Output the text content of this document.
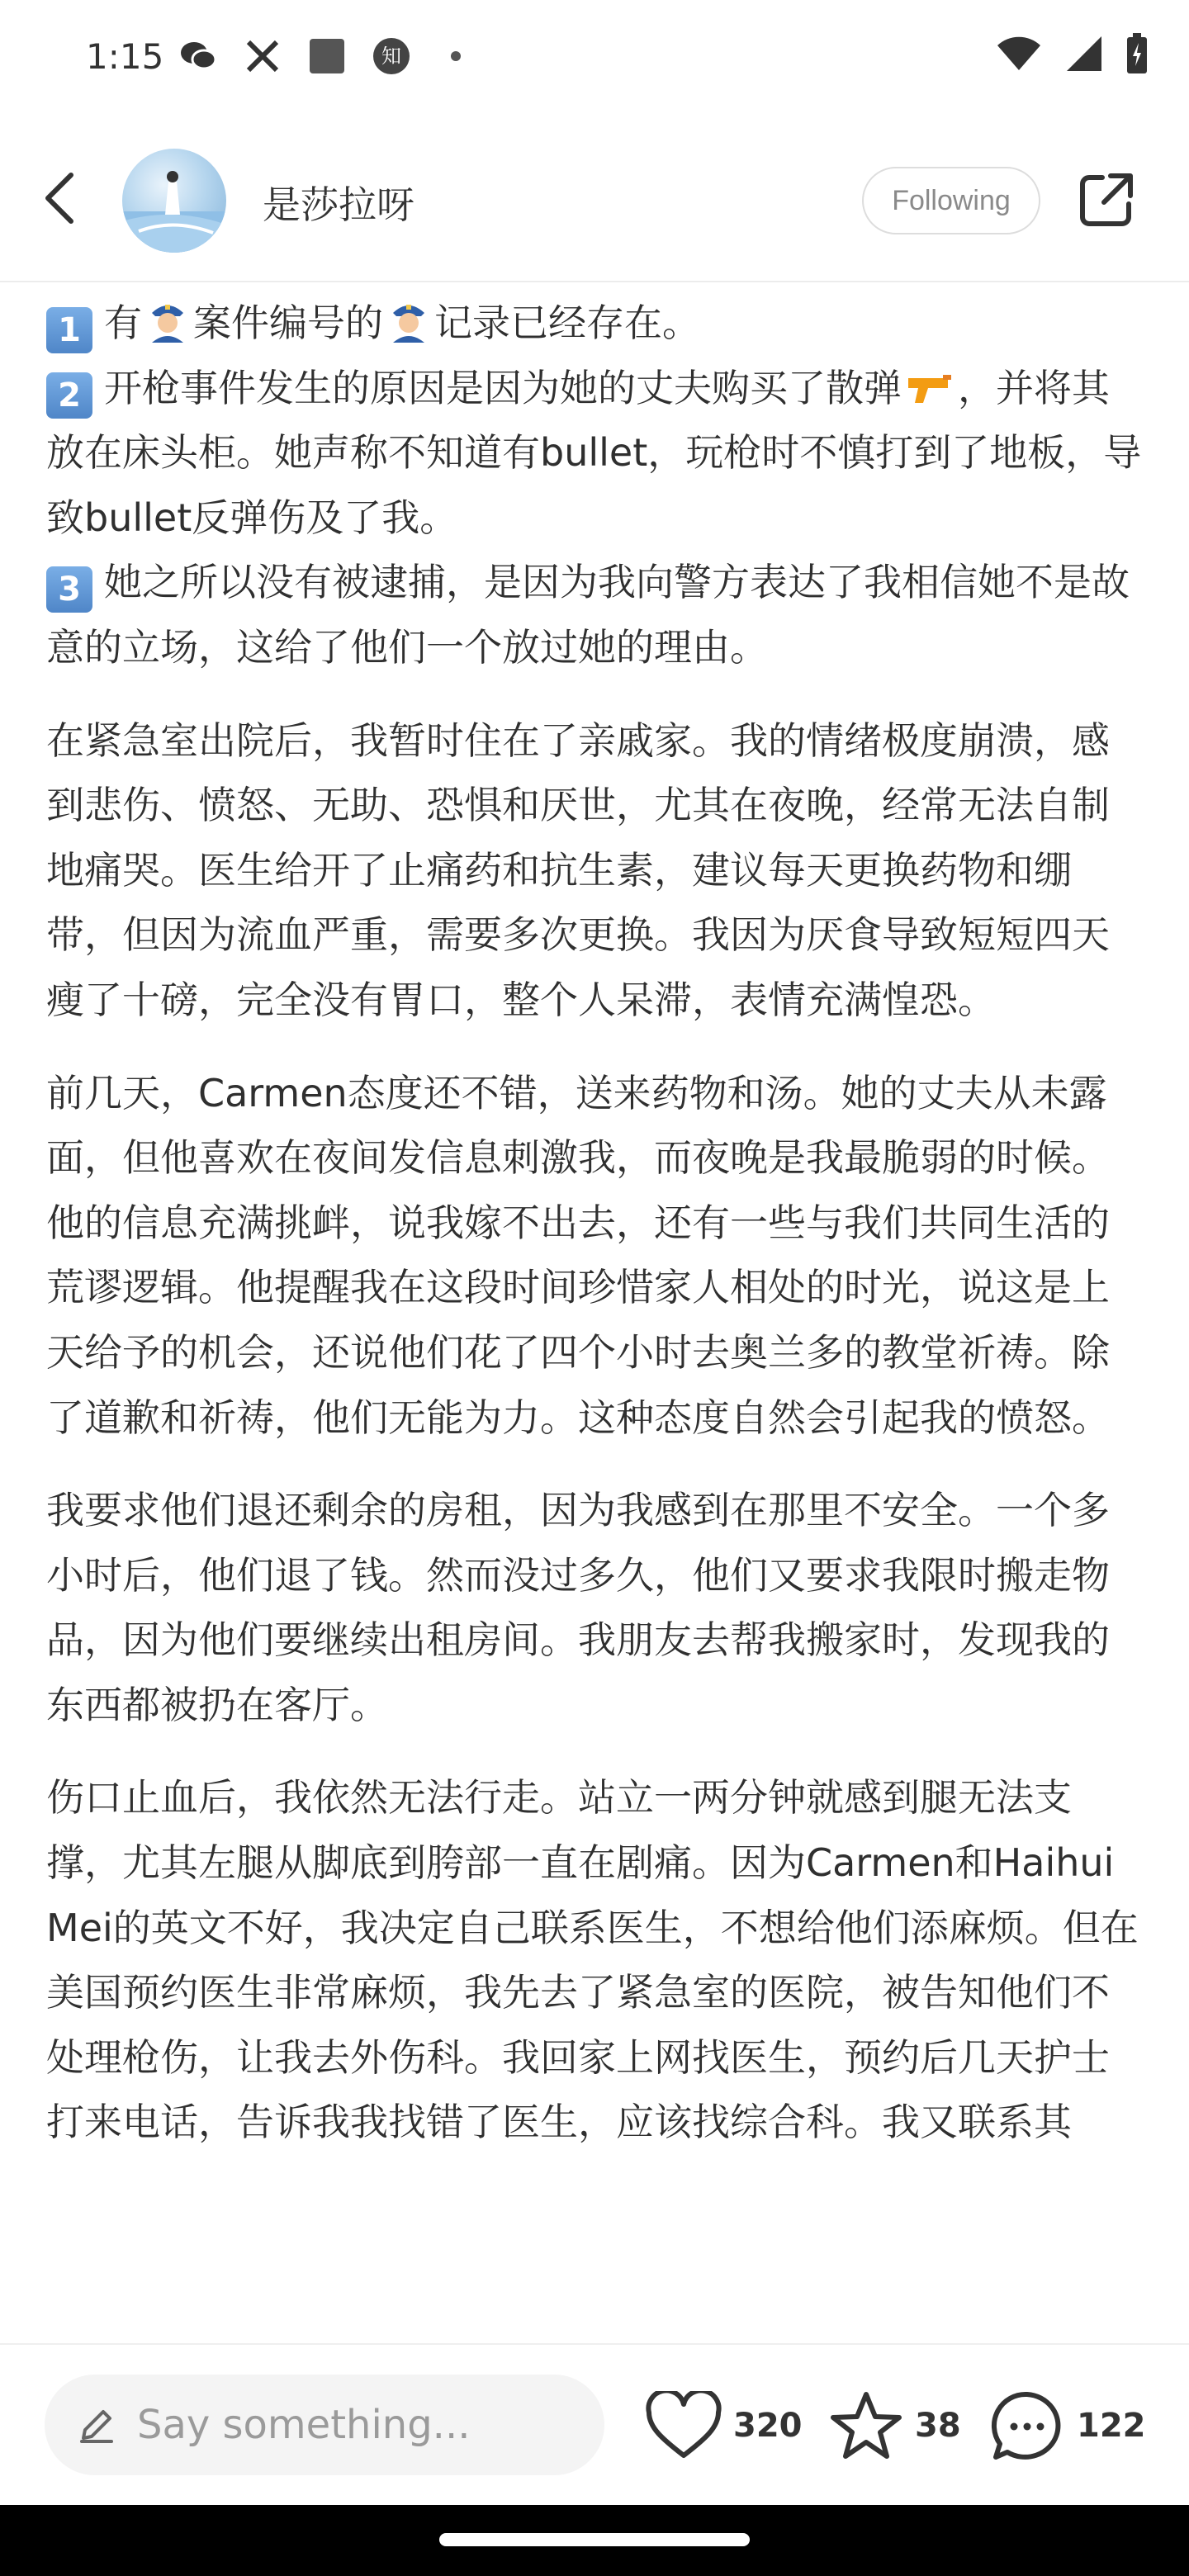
1:15	知
是莎拉呀	Following

1 有 案件编号的 记录已经存在。
2 开枪事件发生的原因是因为她的丈夫购买了散弹 ，并将其放在床头柜。她声称不知道有bullet，玩枪时不慎打到了地板，导致bullet反弹伤及了我。
3 她之所以没有被逮捕，是因为我向警方表达了我相信她不是故意的立场，这给了他们一个放过她的理由。

在紧急室出院后，我暂时住在了亲戚家。我的情绪极度崩溃，感到悲伤、愤怒、无助、恐惧和厌世，尤其在夜晚，经常无法自制地痛哭。医生给开了止痛药和抗生素，建议每天更换药物和绷带，但因为流血严重，需要多次更换。我因为厌食导致短短四天瘦了十磅，完全没有胃口，整个人呆滞，表情充满惶恐。

前几天，Carmen态度还不错，送来药物和汤。她的丈夫从未露面，但他喜欢在夜间发信息刺激我，而夜晚是我最脆弱的时候。他的信息充满挑衅，说我嫁不出去，还有一些与我们共同生活的荒谬逻辑。他提醒我在这段时间珍惜家人相处的时光，说这是上天给予的机会，还说他们花了四个小时去奥兰多的教堂祈祷。除了道歉和祈祷，他们无能为力。这种态度自然会引起我的愤怒。

我要求他们退还剩余的房租，因为我感到在那里不安全。一个多小时后，他们退了钱。然而没过多久，他们又要求我限时搬走物品，因为他们要继续出租房间。我朋友去帮我搬家时，发现我的东西都被扔在客厅。

伤口止血后，我依然无法行走。站立一两分钟就感到腿无法支撑，尤其左腿从脚底到胯部一直在剧痛。因为Carmen和Haihui Mei的英文不好，我决定自己联系医生，不想给他们添麻烦。但在美国预约医生非常麻烦，我先去了紧急室的医院，被告知他们不处理枪伤，让我去外伤科。我回家上网找医生，预约后几天护士打来电话，告诉我我找错了医生，应该找综合科。我又联系其

Say something...	320	38	122
